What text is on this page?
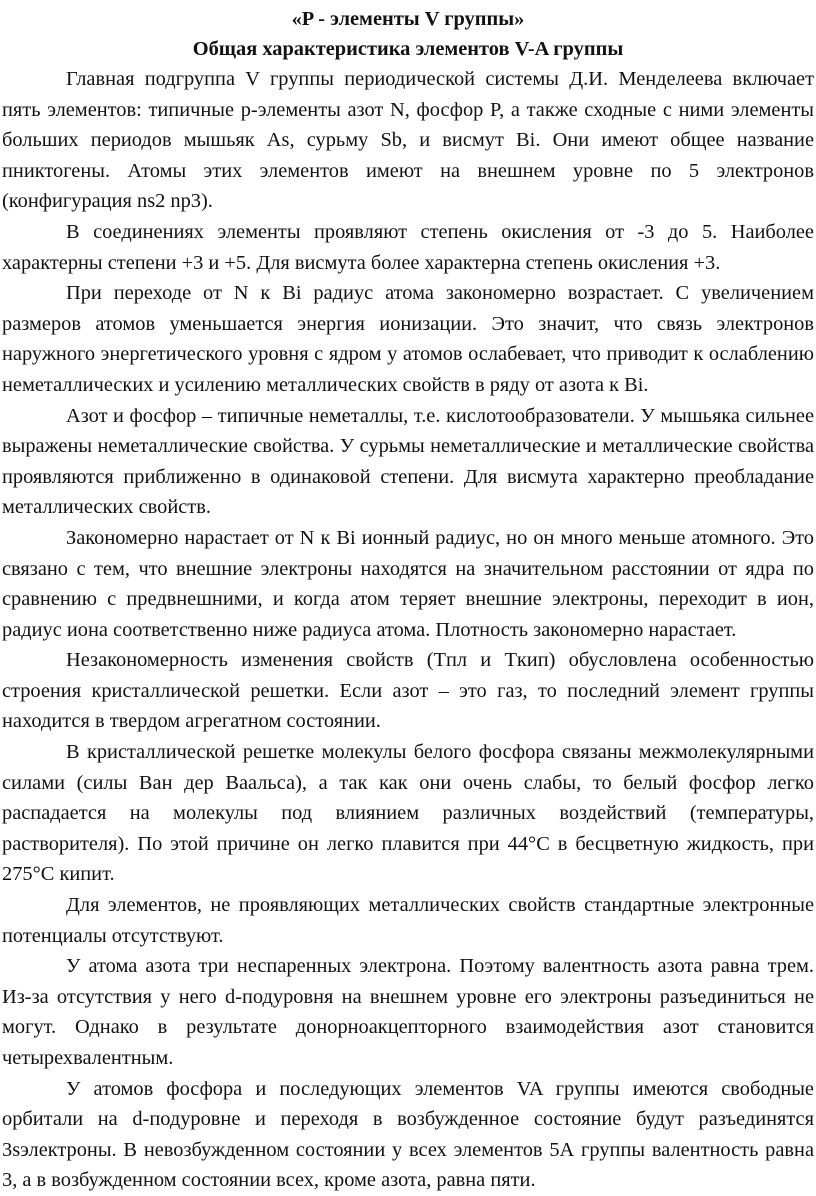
«P - элементы V группы»
Общая характеристика элементов V-A группы

Главная подгруппа V группы периодической системы Д.И. Менделеева включает пять элементов: типичные p-элементы азот N, фосфор P, а также сходные с ними элементы больших периодов мышьяк As, сурьму Sb, и висмут Bi. Они имеют общее название пниктогены. Атомы этих элементов имеют на внешнем уровне по 5 электронов (конфигурация ns2 np3).

В соединениях элементы проявляют степень окисления от -3 до 5. Наиболее характерны степени +3 и +5. Для висмута более характерна степень окисления +3.

При переходе от N к Bi радиус атома закономерно возрастает. С увеличением размеров атомов уменьшается энергия ионизации. Это значит, что связь электронов наружного энергетического уровня с ядром у атомов ослабевает, что приводит к ослаблению неметаллических и усилению металлических свойств в ряду от азота к Bi.

Азот и фосфор – типичные неметаллы, т.е. кислотообразователи. У мышьяка сильнее выражены неметаллические свойства. У сурьмы неметаллические и металлические свойства проявляются приближенно в одинаковой степени. Для висмута характерно преобладание металлических свойств.

Закономерно нарастает от N к Bi ионный радиус, но он много меньше атомного. Это связано с тем, что внешние электроны находятся на значительном расстоянии от ядра по сравнению с предвнешними, и когда атом теряет внешние электроны, переходит в ион, радиус иона соответственно ниже радиуса атома. Плотность закономерно нарастает.

Незакономерность изменения свойств (Tпл и Tкип) обусловлена особенностью строения кристаллической решетки. Если азот – это газ, то последний элемент группы находится в твердом агрегатном состоянии.

В кристаллической решетке молекулы белого фосфора связаны межмолекулярными силами (силы Ван дер Ваальса), а так как они очень слабы, то белый фосфор легко распадается на молекулы под влиянием различных воздействий (температуры, растворителя). По этой причине он легко плавится при 44°C в бесцветную жидкость, при 275°C кипит.

Для элементов, не проявляющих металлических свойств стандартные электронные потенциалы отсутствуют.

У атома азота три неспаренных электрона. Поэтому валентность азота равна трем. Из-за отсутствия у него d-подуровня на внешнем уровне его электроны разъединиться не могут. Однако в результате донорноакцепторного взаимодействия азот становится четырехвалентным.

У атомов фосфора и последующих элементов VA группы имеются свободные орбитали на d-подуровне и переходя в возбужденное состояние будут разъединятся 3sэлектроны. В невозбужденном состоянии у всех элементов 5А группы валентность равна 3, а в возбужденном состоянии всех, кроме азота, равна пяти.
